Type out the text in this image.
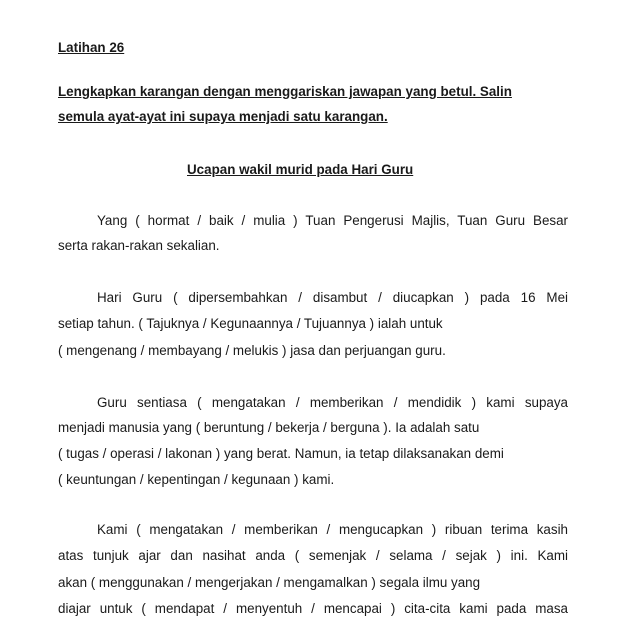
Latihan 26
Lengkapkan karangan dengan menggariskan jawapan yang betul. Salin
semula ayat-ayat ini supaya menjadi satu karangan.
Ucapan wakil murid pada Hari Guru
Yang ( hormat / baik / mulia ) Tuan Pengerusi Majlis, Tuan Guru Besar
serta rakan-rakan sekalian.
Hari Guru ( dipersembahkan / disambut / diucapkan ) pada 16 Mei
setiap tahun. ( Tajuknya / Kegunaannya / Tujuannya ) ialah untuk
( mengenang / membayang / melukis ) jasa dan perjuangan guru.
Guru sentiasa ( mengatakan / memberikan / mendidik ) kami supaya
menjadi manusia yang ( beruntung / bekerja / berguna ). Ia adalah satu
( tugas / operasi / lakonan ) yang berat. Namun, ia tetap dilaksanakan demi
( keuntungan / kepentingan / kegunaan ) kami.
Kami ( mengatakan / memberikan / mengucapkan ) ribuan terima kasih
atas tunjuk ajar dan nasihat anda ( semenjak / selama / sejak ) ini. Kami
akan ( menggunakan / mengerjakan / mengamalkan ) segala ilmu yang
diajar untuk ( mendapat / menyentuh / mencapai ) cita-cita kami pada masa
